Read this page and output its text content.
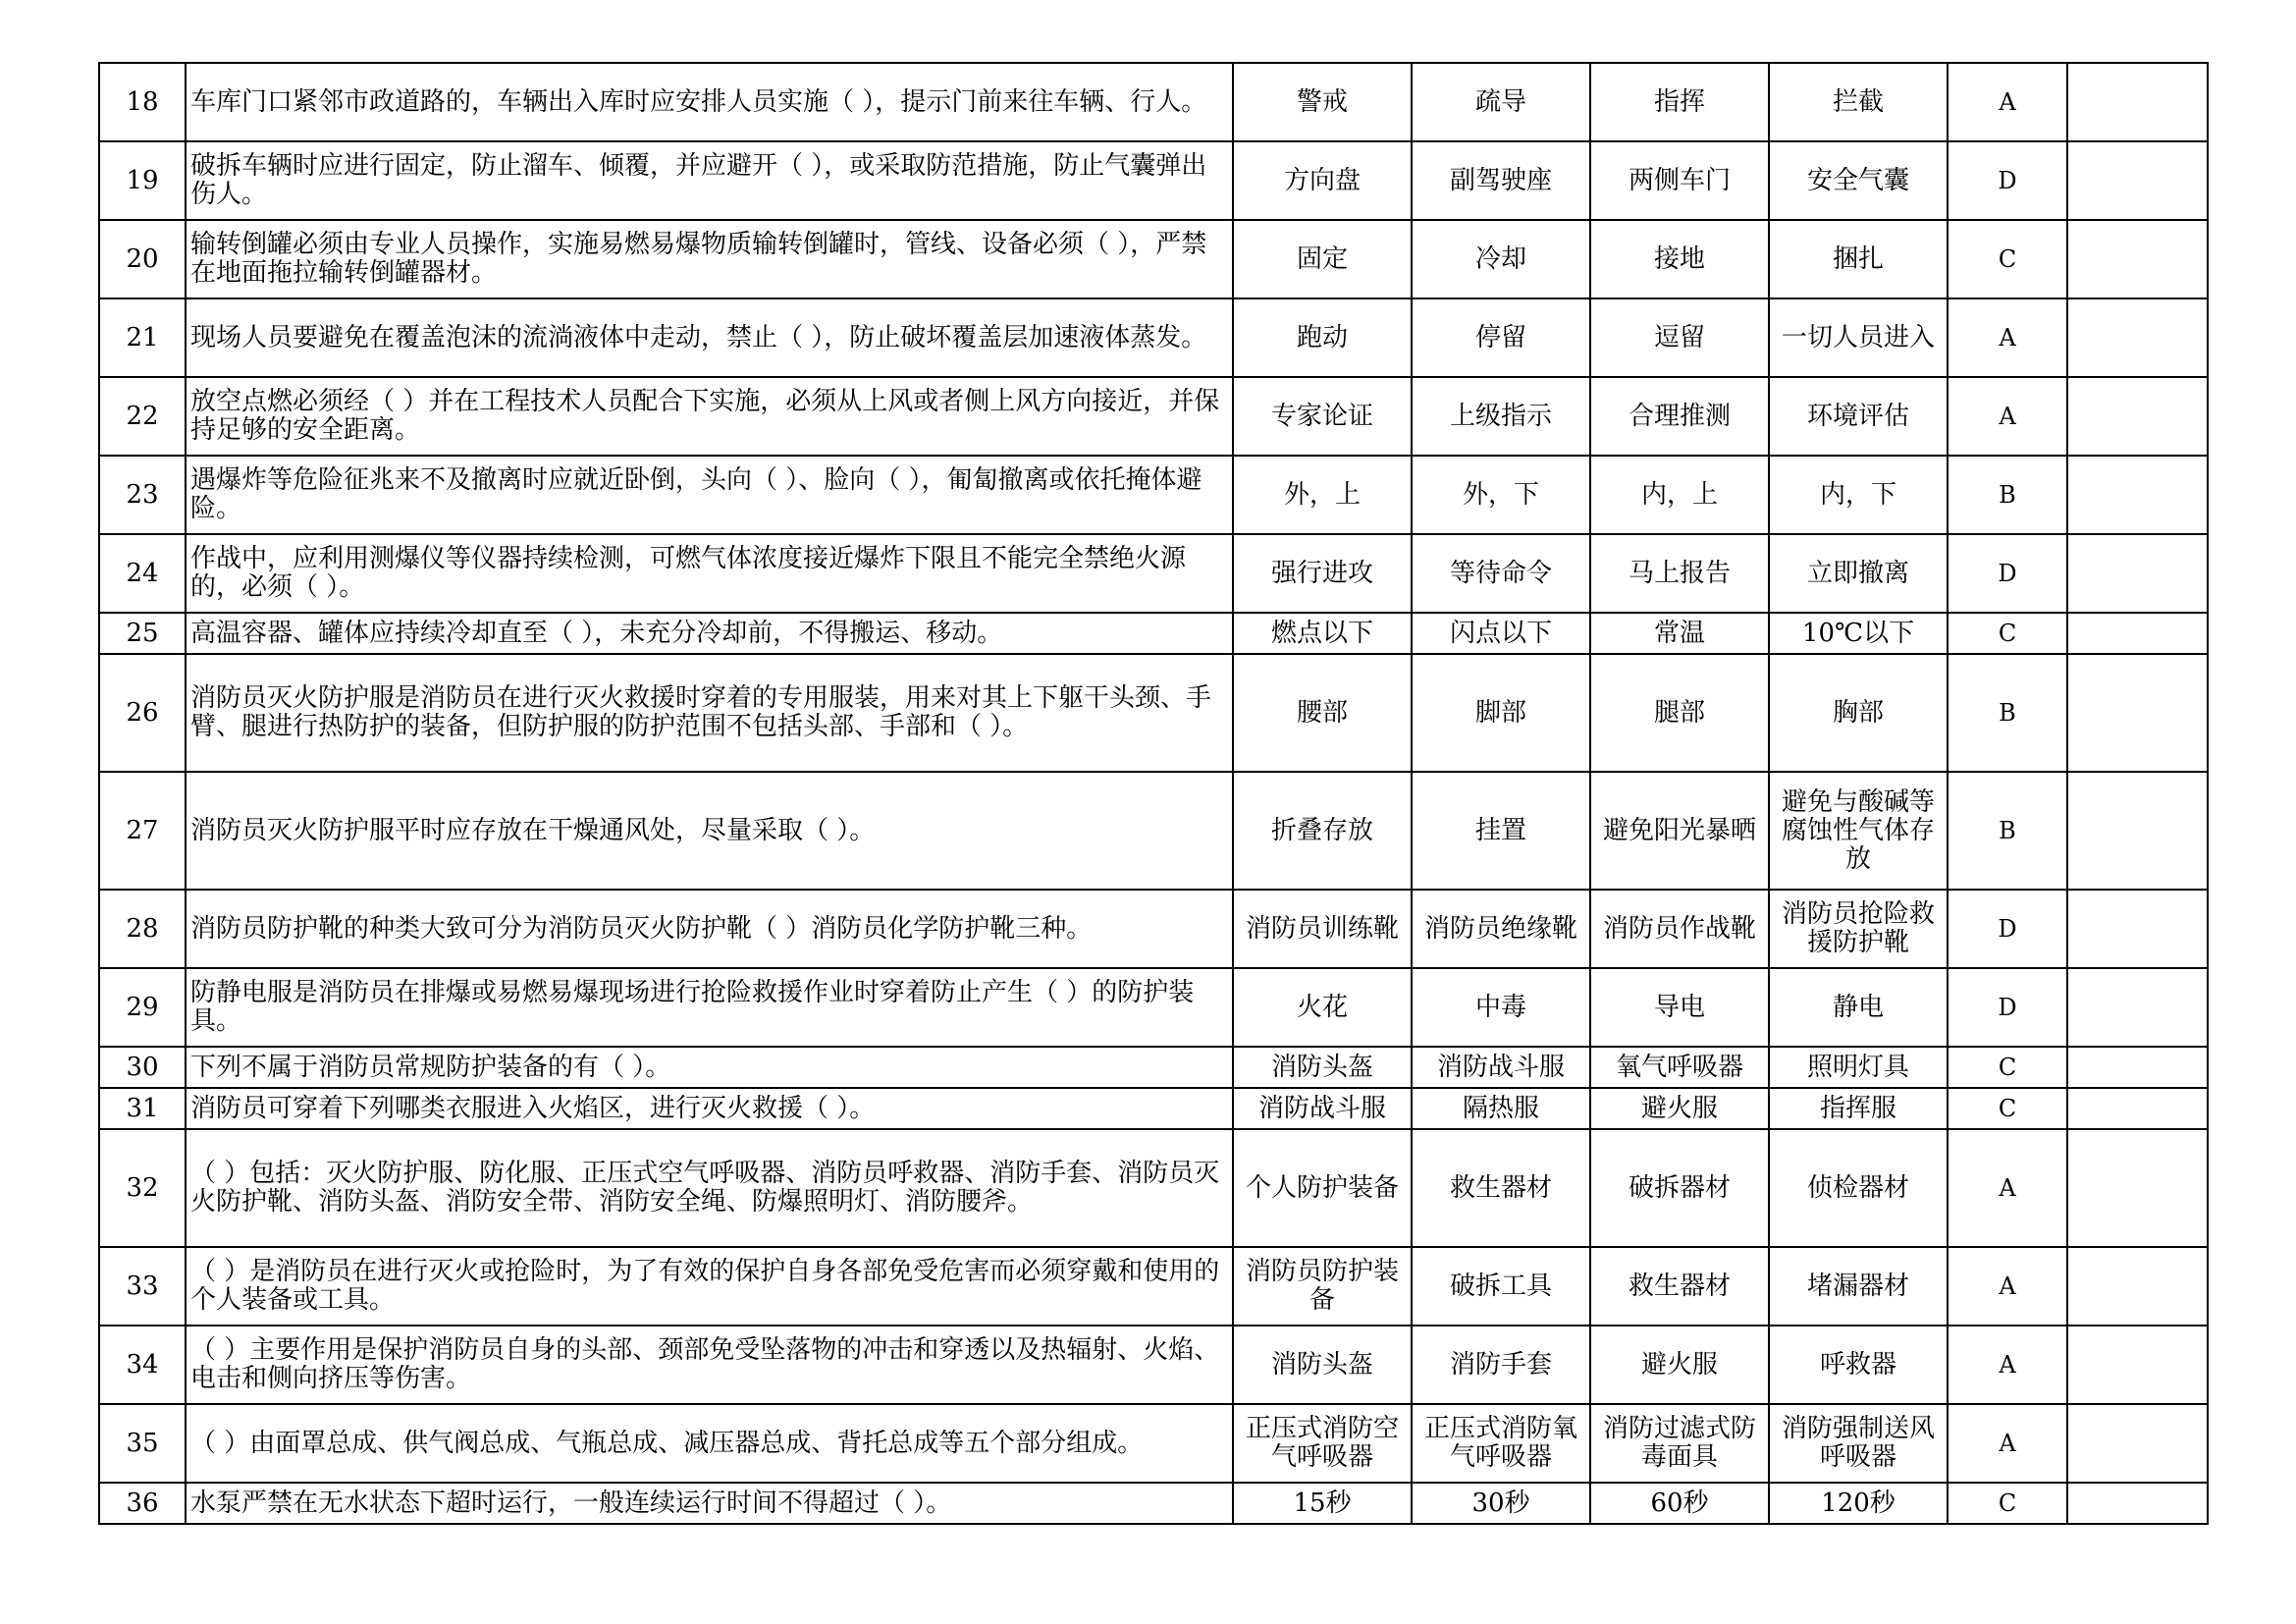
18	车库门口紧邻市政道路的，车辆出入库时应安排人员实施（ ），提示门前来往车辆、行人。	警戒	疏导	指挥	拦截	A	
19	破拆车辆时应进行固定，防止溜车、倾覆，并应避开（ ），或采取防范措施，防止气囊弹出伤人。	方向盘	副驾驶座	两侧车门	安全气囊	D	
20	输转倒罐必须由专业人员操作，实施易燃易爆物质输转倒罐时，管线、设备必须（ ），严禁在地面拖拉输转倒罐器材。	固定	冷却	接地	捆扎	C	
21	现场人员要避免在覆盖泡沫的流淌液体中走动，禁止（ ），防止破坏覆盖层加速液体蒸发。	跑动	停留	逗留	一切人员进入	A	
22	放空点燃必须经（ ）并在工程技术人员配合下实施，必须从上风或者侧上风方向接近，并保持足够的安全距离。	专家论证	上级指示	合理推测	环境评估	A	
23	遇爆炸等危险征兆来不及撤离时应就近卧倒，头向（ ）、脸向（ ），匍匐撤离或依托掩体避险。	外，上	外，下	内，上	内，下	B	
24	作战中，应利用测爆仪等仪器持续检测，可燃气体浓度接近爆炸下限且不能完全禁绝火源的，必须（ ）。	强行进攻	等待命令	马上报告	立即撤离	D	
25	高温容器、罐体应持续冷却直至（ ），未充分冷却前，不得搬运、移动。	燃点以下	闪点以下	常温	10℃以下	C	
26	消防员灭火防护服是消防员在进行灭火救援时穿着的专用服装，用来对其上下躯干头颈、手臂、腿进行热防护的装备，但防护服的防护范围不包括头部、手部和（ ）。	腰部	脚部	腿部	胸部	B	
27	消防员灭火防护服平时应存放在干燥通风处，尽量采取（ ）。	折叠存放	挂置	避免阳光暴晒	避免与酸碱等腐蚀性气体存放	B	
28	消防员防护靴的种类大致可分为消防员灭火防护靴（ ）消防员化学防护靴三种。	消防员训练靴	消防员绝缘靴	消防员作战靴	消防员抢险救援防护靴	D	
29	防静电服是消防员在排爆或易燃易爆现场进行抢险救援作业时穿着防止产生（ ）的防护装具。	火花	中毒	导电	静电	D	
30	下列不属于消防员常规防护装备的有（ ）。	消防头盔	消防战斗服	氧气呼吸器	照明灯具	C	
31	消防员可穿着下列哪类衣服进入火焰区，进行灭火救援（ ）。	消防战斗服	隔热服	避火服	指挥服	C	
32	（ ）包括：灭火防护服、防化服、正压式空气呼吸器、消防员呼救器、消防手套、消防员灭火防护靴、消防头盔、消防安全带、消防安全绳、防爆照明灯、消防腰斧。	个人防护装备	救生器材	破拆器材	侦检器材	A	
33	（ ）是消防员在进行灭火或抢险时，为了有效的保护自身各部免受危害而必须穿戴和使用的个人装备或工具。	消防员防护装备	破拆工具	救生器材	堵漏器材	A	
34	（ ）主要作用是保护消防员自身的头部、颈部免受坠落物的冲击和穿透以及热辐射、火焰、电击和侧向挤压等伤害。	消防头盔	消防手套	避火服	呼救器	A	
35	（ ）由面罩总成、供气阀总成、气瓶总成、减压器总成、背托总成等五个部分组成。	正压式消防空气呼吸器	正压式消防氧气呼吸器	消防过滤式防毒面具	消防强制送风呼吸器	A	
36	水泵严禁在无水状态下超时运行，一般连续运行时间不得超过（ ）。	15秒	30秒	60秒	120秒	C	
